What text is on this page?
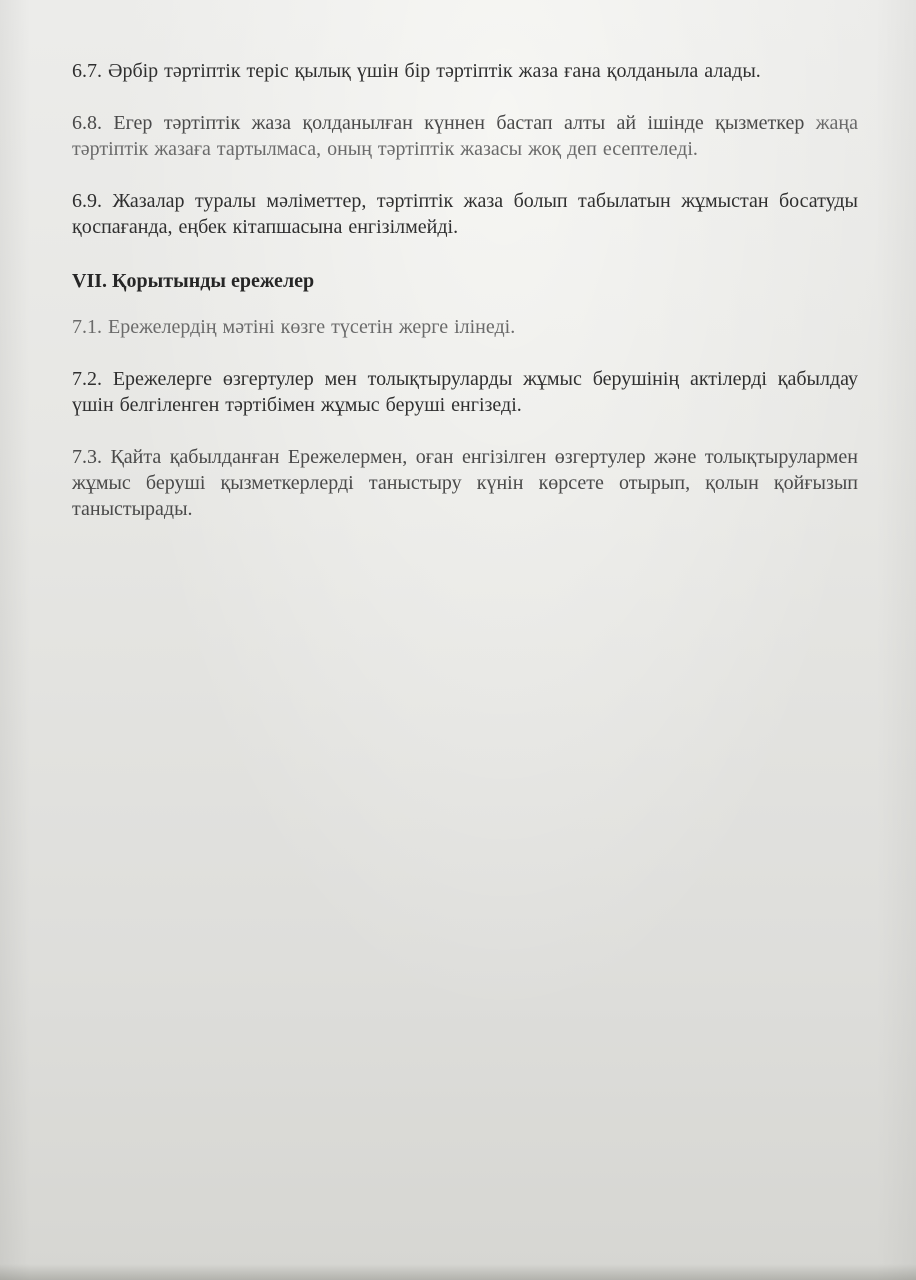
6.7. Әрбір тәртіптік теріс қылық үшін бір тәртіптік жаза ғана қолданыла алады.

6.8. Егер тәртіптік жаза қолданылған күннен бастап алты ай ішінде қызметкер жаңа тәртіптік жазаға тартылмаса, оның тәртіптік жазасы жоқ деп есептеледі.

6.9. Жазалар туралы мәліметтер, тәртіптік жаза болып табылатын жұмыстан босатуды қоспағанда, еңбек кітапшасына енгізілмейді.

VII. Қорытынды ережелер

7.1. Ережелердің мәтіні көзге түсетін жерге ілінеді.

7.2. Ережелерге өзгертулер мен толықтыруларды жұмыс берушінің актілерді қабылдау үшін белгіленген тәртібімен жұмыс беруші енгізеді.

7.3. Қайта қабылданған Ережелермен, оған енгізілген өзгертулер және толықтырулармен жұмыс беруші қызметкерлерді таныстыру күнін көрсете отырып, қолын қойғызып таныстырады.
